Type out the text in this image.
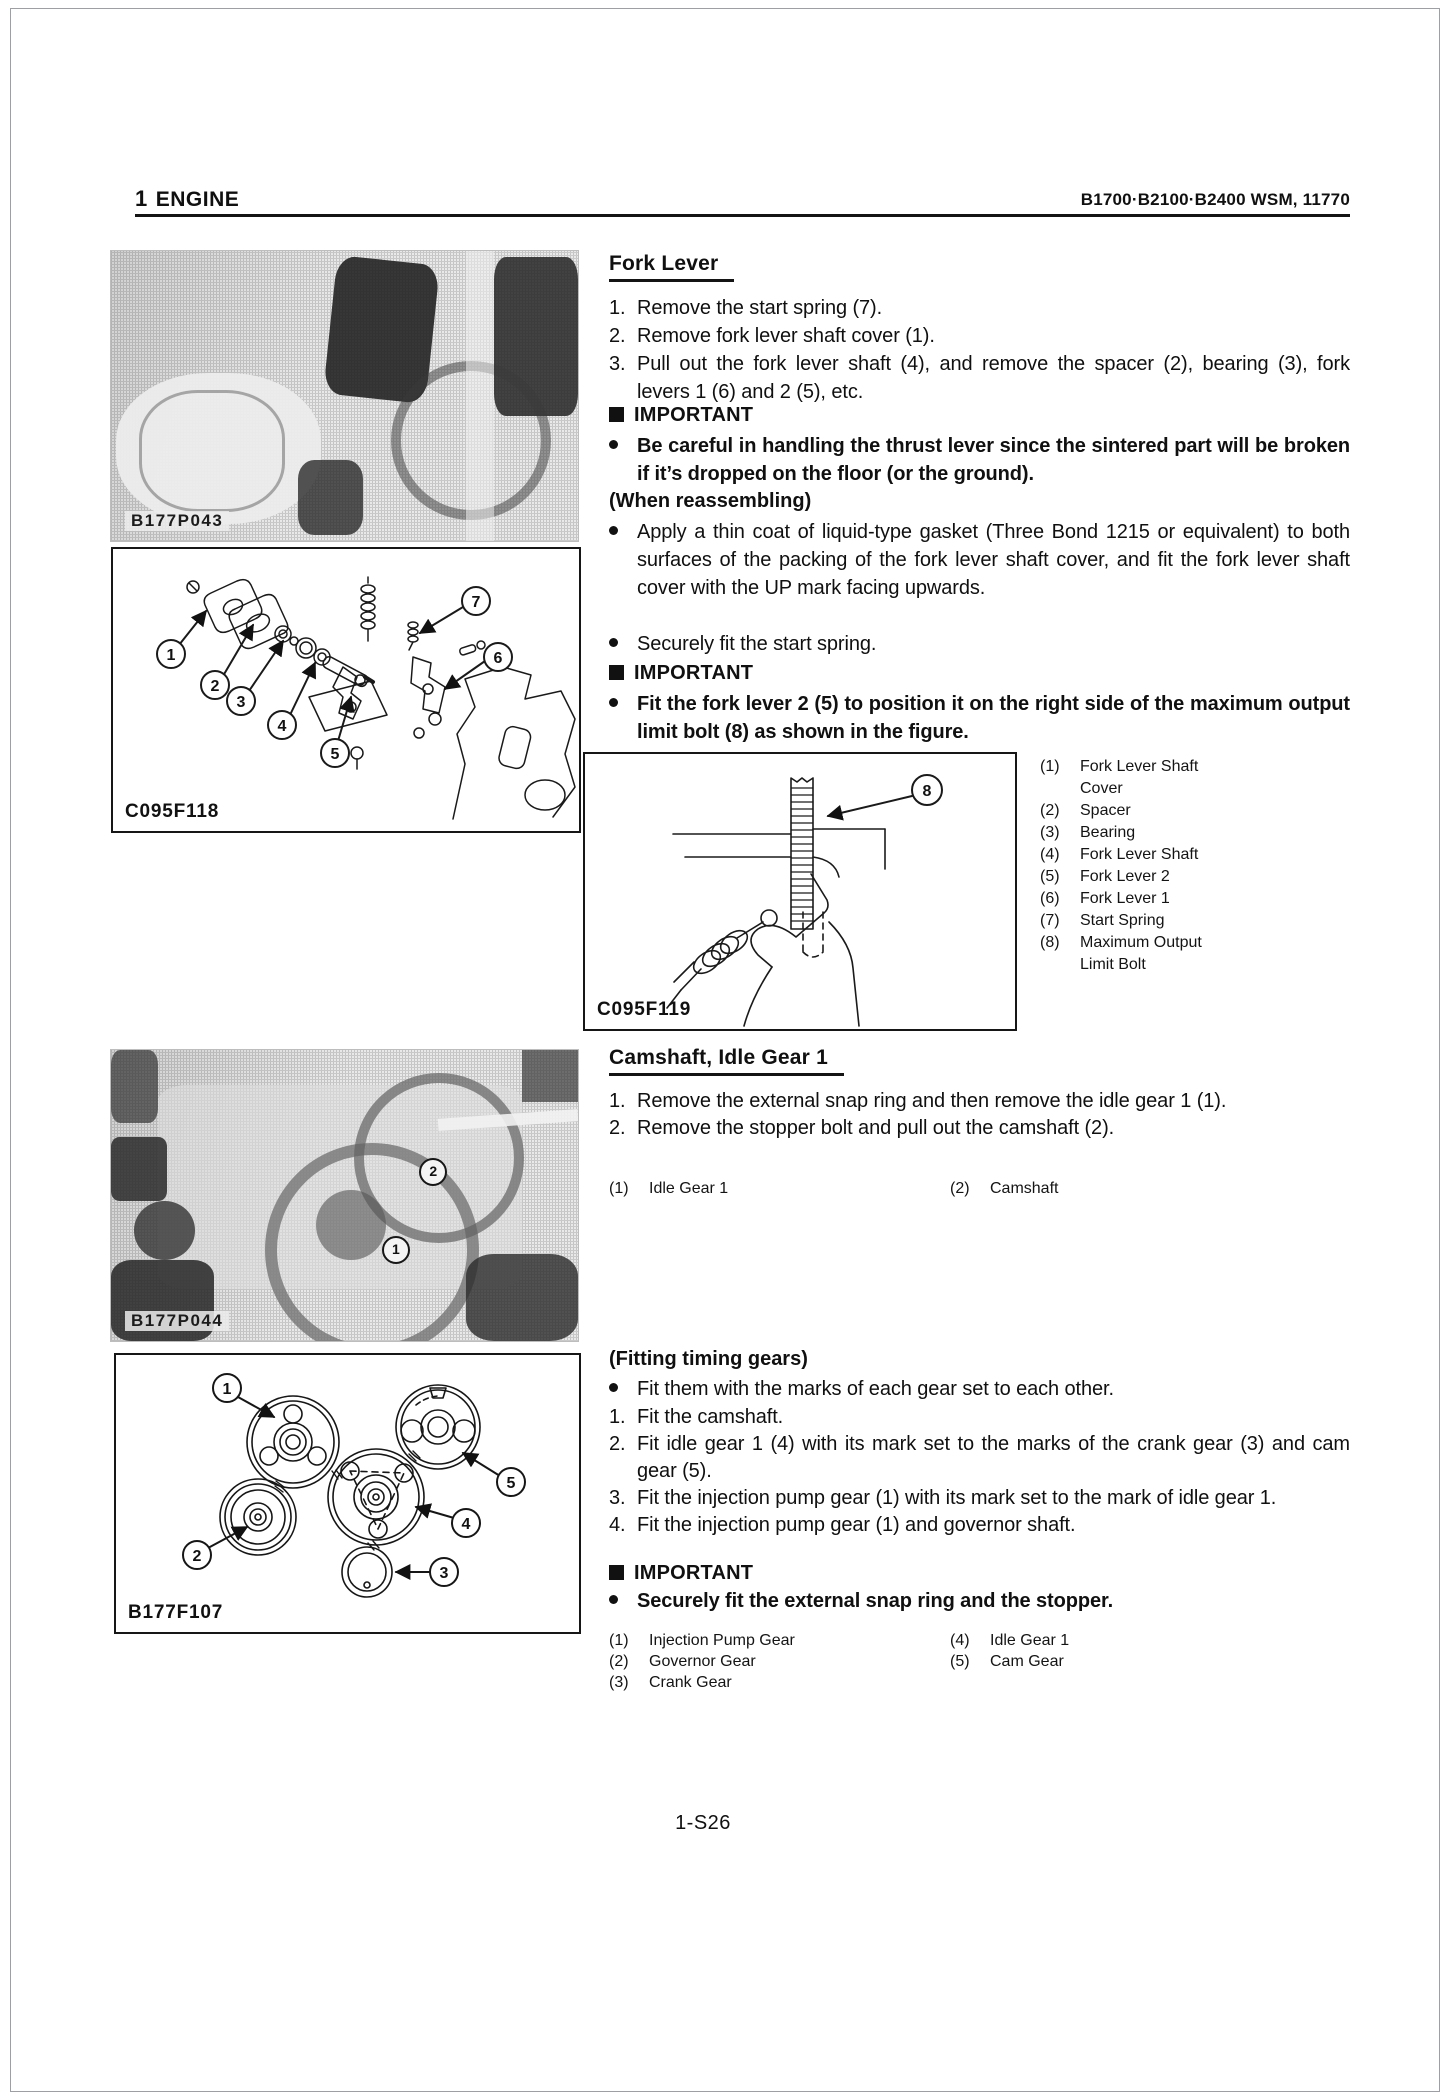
1 ENGINE	B1700·B2100·B2400 WSM, 11770
B177P043
1
2
3
4
5
6
7
C095F118
Fork Lever
1. Remove the start spring (7).
2. Remove fork lever shaft cover (1).
3. Pull out the fork lever shaft (4), and remove the spacer (2), bearing (3), fork levers 1 (6) and 2 (5), etc.
IMPORTANT
Be careful in handling the thrust lever since the sintered part will be broken if it’s dropped on the floor (or the ground).
(When reassembling)
Apply a thin coat of liquid-type gasket (Three Bond 1215 or equivalent) to both surfaces of the packing of the fork lever shaft cover, and fit the fork lever shaft cover with the UP mark facing upwards.
Securely fit the start spring.
IMPORTANT
Fit the fork lever 2 (5) to position it on the right side of the maximum output limit bolt (8) as shown in the figure.
8
C095F119
(1)	Fork Lever Shaft Cover
(2)	Spacer
(3)	Bearing
(4)	Fork Lever Shaft
(5)	Fork Lever 2
(6)	Fork Lever 1
(7)	Start Spring
(8)	Maximum Output Limit Bolt
Camshaft, Idle Gear 1
1. Remove the external snap ring and then remove the idle gear 1 (1).
2. Remove the stopper bolt and pull out the camshaft (2).
(1)	Idle Gear 1	(2)	Camshaft
2
1
B177P044
(Fitting timing gears)
Fit them with the marks of each gear set to each other.
1. Fit the camshaft.
2. Fit idle gear 1 (4) with its mark set to the marks of the crank gear (3) and cam gear (5).
3. Fit the injection pump gear (1) with its mark set to the mark of idle gear 1.
4. Fit the injection pump gear (1) and governor shaft.
IMPORTANT
Securely fit the external snap ring and the stopper.
1
2
3
4
5
B177F107
(1)	Injection Pump Gear	(4)	Idle Gear 1
(2)	Governor Gear	(5)	Cam Gear
(3)	Crank Gear
1-S26
